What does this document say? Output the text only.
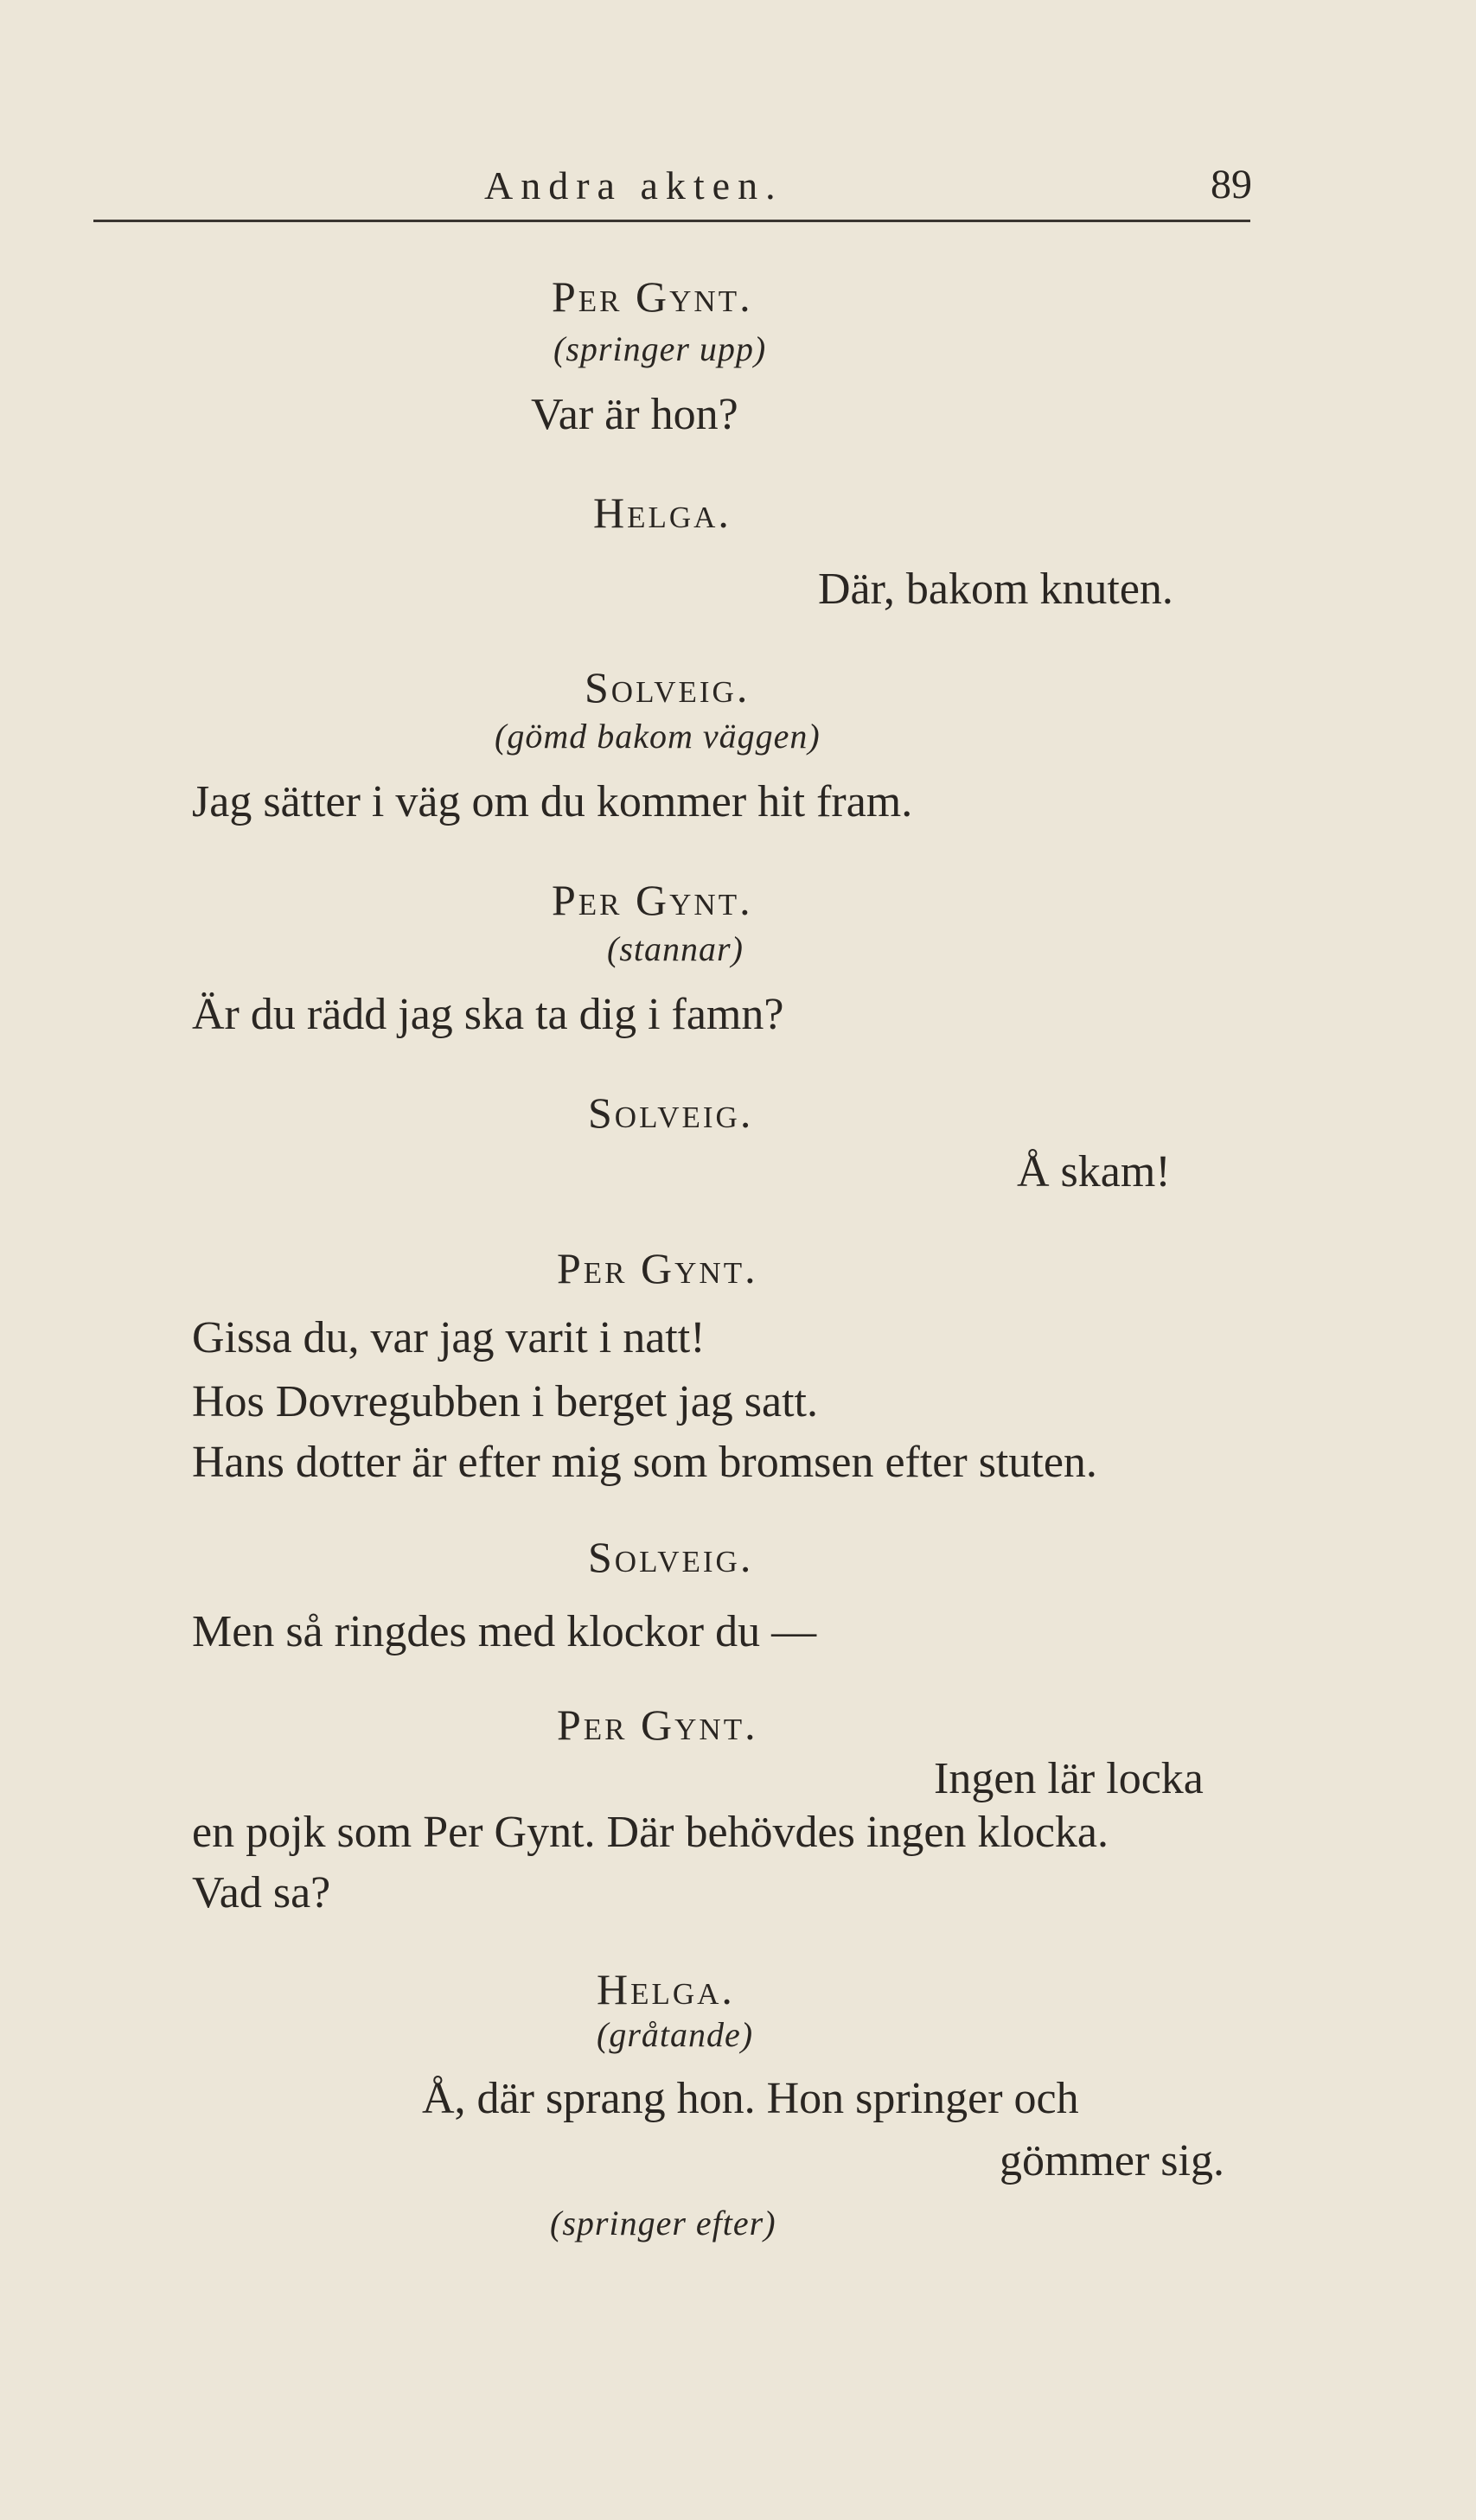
Andra akten.	89
Per Gynt.
(springer upp)
Var är hon?
Helga.
Där, bakom knuten.
Solveig.
(gömd bakom väggen)
Jag sätter i väg om du kommer hit fram.
Per Gynt.
(stannar)
Är du rädd jag ska ta dig i famn?
Solveig.
Å skam!
Per Gynt.
Gissa du, var jag varit i natt!
Hos Dovregubben i berget jag satt.
Hans dotter är efter mig som bromsen efter stuten.
Solveig.
Men så ringdes med klockor du —
Per Gynt.
Ingen lär locka
en pojk som Per Gynt. Där behövdes ingen klocka.
Vad sa?
Helga.
(gråtande)
Å, där sprang hon. Hon springer och
gömmer sig.
(springer efter)
